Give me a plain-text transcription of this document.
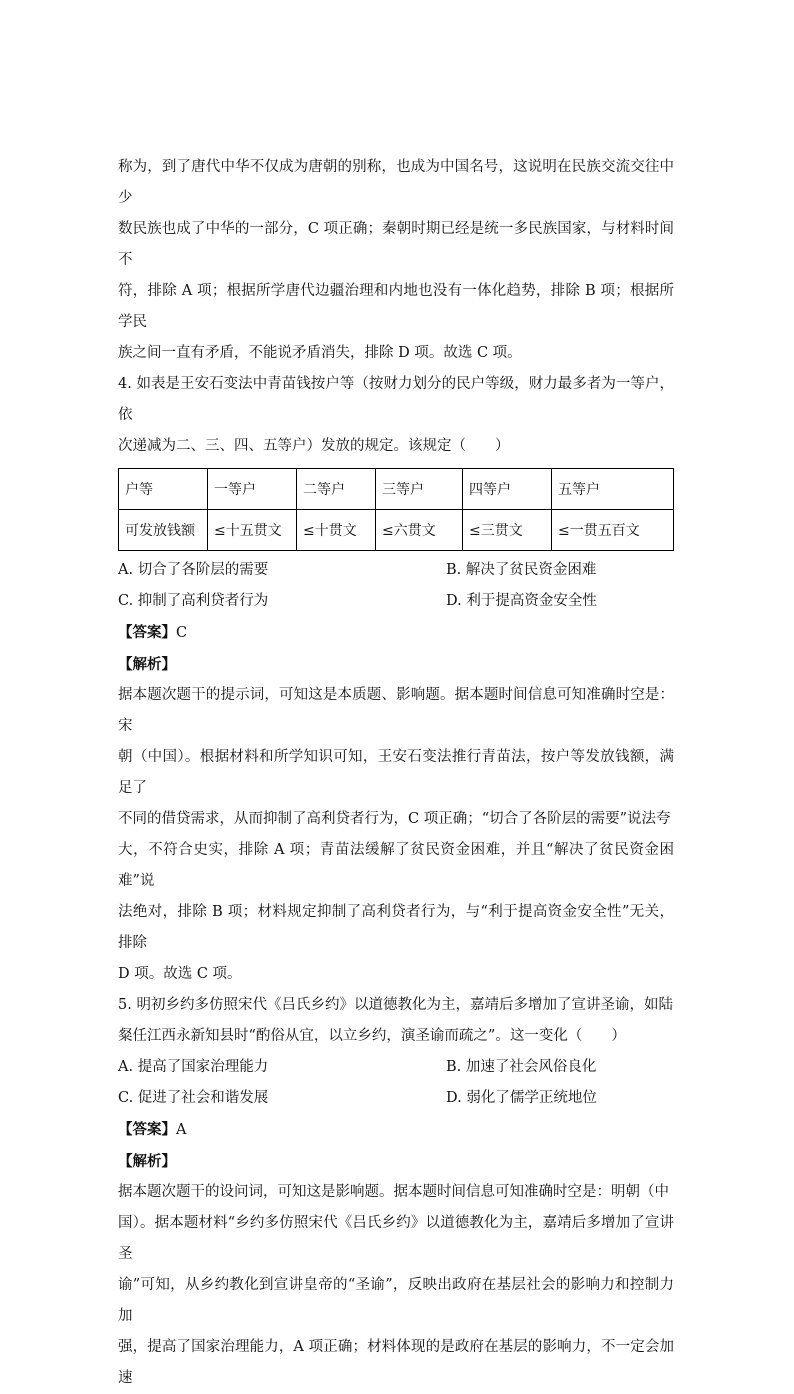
称为，到了唐代中华不仅成为唐朝的别称，也成为中国名号，这说明在民族交流交往中少

数民族也成了中华的一部分，C 项正确；秦朝时期已经是统一多民族国家，与材料时间不

符，排除 A 项；根据所学唐代边疆治理和内地也没有一体化趋势，排除 B 项；根据所学民

族之间一直有矛盾，不能说矛盾消失，排除 D 项。故选 C 项。

4. 如表是王安石变法中青苗钱按户等（按财力划分的民户等级，财力最多者为一等户，依

次递减为二、三、四、五等户）发放的规定。该规定（　　）

户等	一等户	二等户	三等户	四等户	五等户
可发放钱额	≤十五贯文	≤十贯文	≤六贯文	≤三贯文	≤一贯五百文
A. 切合了各阶层的需要	B. 解决了贫民资金困难
C. 抑制了高利贷者行为	D. 利于提高资金安全性

【答案】C

【解析】

据本题次题干的提示词，可知这是本质题、影响题。据本题时间信息可知准确时空是：宋

朝（中国）。根据材料和所学知识可知，王安石变法推行青苗法，按户等发放钱额，满足了

不同的借贷需求，从而抑制了高利贷者行为，C 项正确；“切合了各阶层的需要”说法夸

大，不符合史实，排除 A 项；青苗法缓解了贫民资金困难，并且“解决了贫民资金困难”说

法绝对，排除 B 项；材料规定抑制了高利贷者行为，与“利于提高资金安全性”无关，排除

D 项。故选 C 项。

5. 明初乡约多仿照宋代《吕氏乡约》以道德教化为主，嘉靖后多增加了宣讲圣谕，如陆

粲任江西永新知县时“酌俗从宜，以立乡约，演圣谕而疏之”。这一变化（　　）

A. 提高了国家治理能力	B. 加速了社会风俗良化
C. 促进了社会和谐发展	D. 弱化了儒学正统地位

【答案】A

【解析】

据本题次题干的设问词，可知这是影响题。据本题时间信息可知准确时空是：明朝（中

国）。据本题材料“乡约多仿照宋代《吕氏乡约》以道德教化为主，嘉靖后多增加了宣讲圣

谕”可知，从乡约教化到宣讲皇帝的“圣谕”，反映出政府在基层社会的影响力和控制力加

强，提高了国家治理能力，A 项正确；材料体现的是政府在基层的影响力，不一定会加速
